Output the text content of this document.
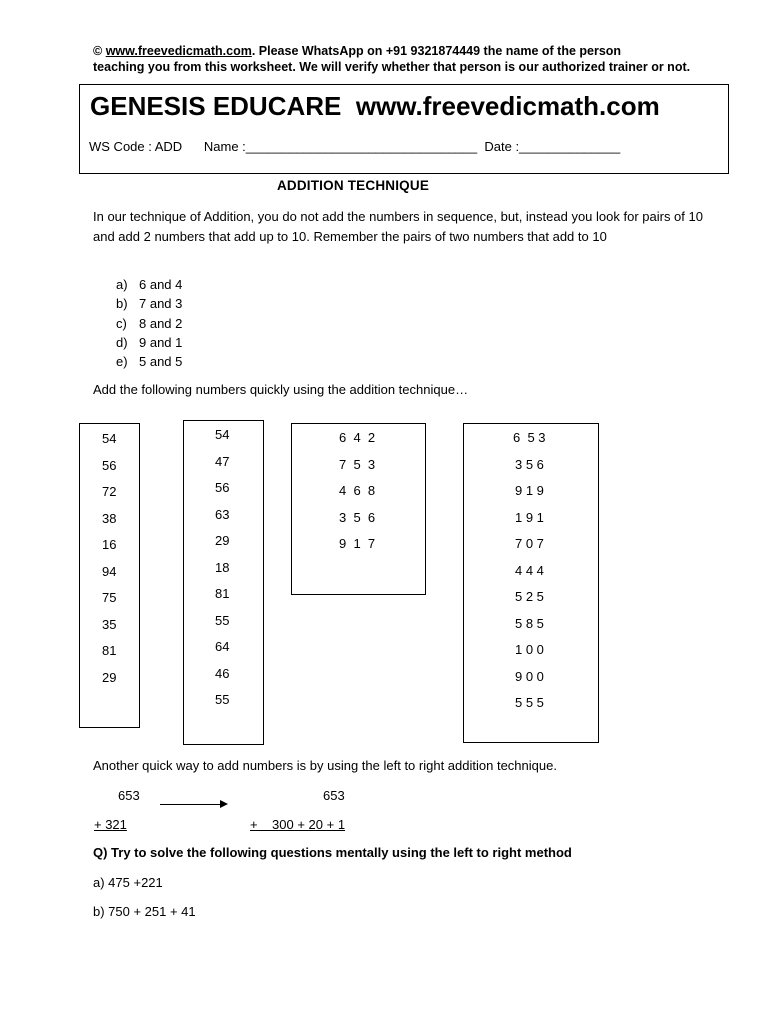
© www.freevedicmath.com. Please WhatsApp on +91 9321874449 the name of the person
teaching you from this worksheet. We will verify whether that person is our authorized trainer or not.
GENESIS EDUCARE  www.freevedicmath.com
WS Code : ADD Name :________________________________ Date :______________
ADDITION TECHNIQUE
In our technique of Addition, you do not add the numbers in sequence, but, instead you look for pairs of 10 and add 2 numbers that add up to 10. Remember the pairs of two numbers that add to 10
a) 6 and 4
b) 7 and 3
c) 8 and 2
d) 9 and 1
e) 5 and 5
Add the following numbers quickly using the addition technique…
54
56
72
38
16
94
75
35
81
29
54
47
56
63
29
18
81
55
64
46
55
6  4  2
7  5  3
4  6  8
3  5  6
9  1  7
6  5 3
3 5 6
9 1 9
1 9 1
7 0 7
4 4 4
5 2 5
5 8 5
1 0 0
9 0 0
5 5 5
Another quick way to add numbers is by using the left to right addition technique.
653
+ 321
653
+    300 + 20 + 1
Q) Try to solve the following questions mentally using the left to right method
a) 475 +221
b) 750 + 251 + 41
